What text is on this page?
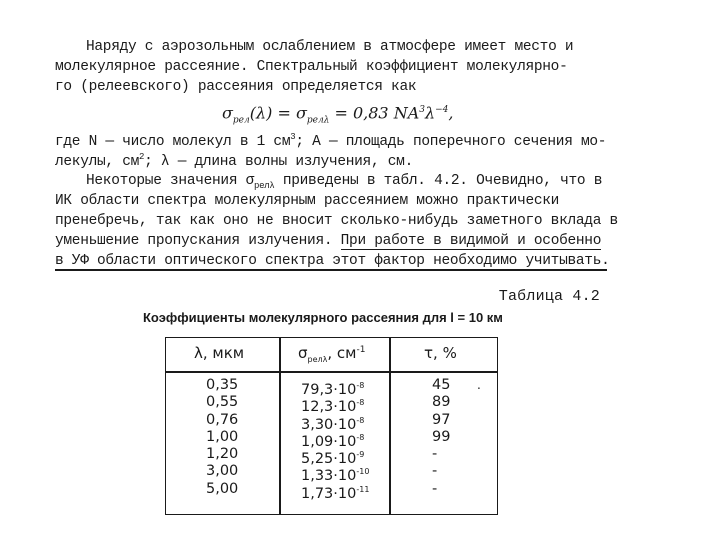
Наряду с аэрозольным ослаблением в атмосфере имеет место и
молекулярное рассеяние. Спектральный коэффициент молекулярно-
го (релеевского) рассеяния определяется как
$\sigma_{рел}(\lambda) = \sigma_{рел\lambda} = 0,83$ $NA^3\lambda^{-4}$,
где N — число молекул в 1 $см^3$; A — площадь поперечного сечения мо-
лекулы, $см^2$; λ — длина волны излучения, см.
Некоторые значения $\sigma_{рел\lambda}$ приведены в табл. 4.2. Очевидно, что в
ИК области спектра молекулярным рассеянием можно практически
пренебречь, так как оно не вносит сколько-нибудь заметного вклада в
уменьшение пропускания излучения. При работе в видимой и особенно
в УФ области оптического спектра этот фактор необходимо учитывать.
Таблица 4.2
Коэффициенты молекулярного рассеяния для l = 10 км
λ, мкм	$\sigma_{рел\lambda}$, $см^{-1}$	τ, %
0,35
0,55
0,76
1,00
1,20
3,00
5,00
$79,3\cdot 10^{-8}$
$12,3\cdot 10^{-8}$
$3,30\cdot 10^{-8}$
$1,09\cdot 10^{-8}$
$5,25\cdot 10^{-9}$
$1,33\cdot 10^{-10}$
$1,73\cdot 10^{-11}$
45
89
97
99
-
-
-
.
